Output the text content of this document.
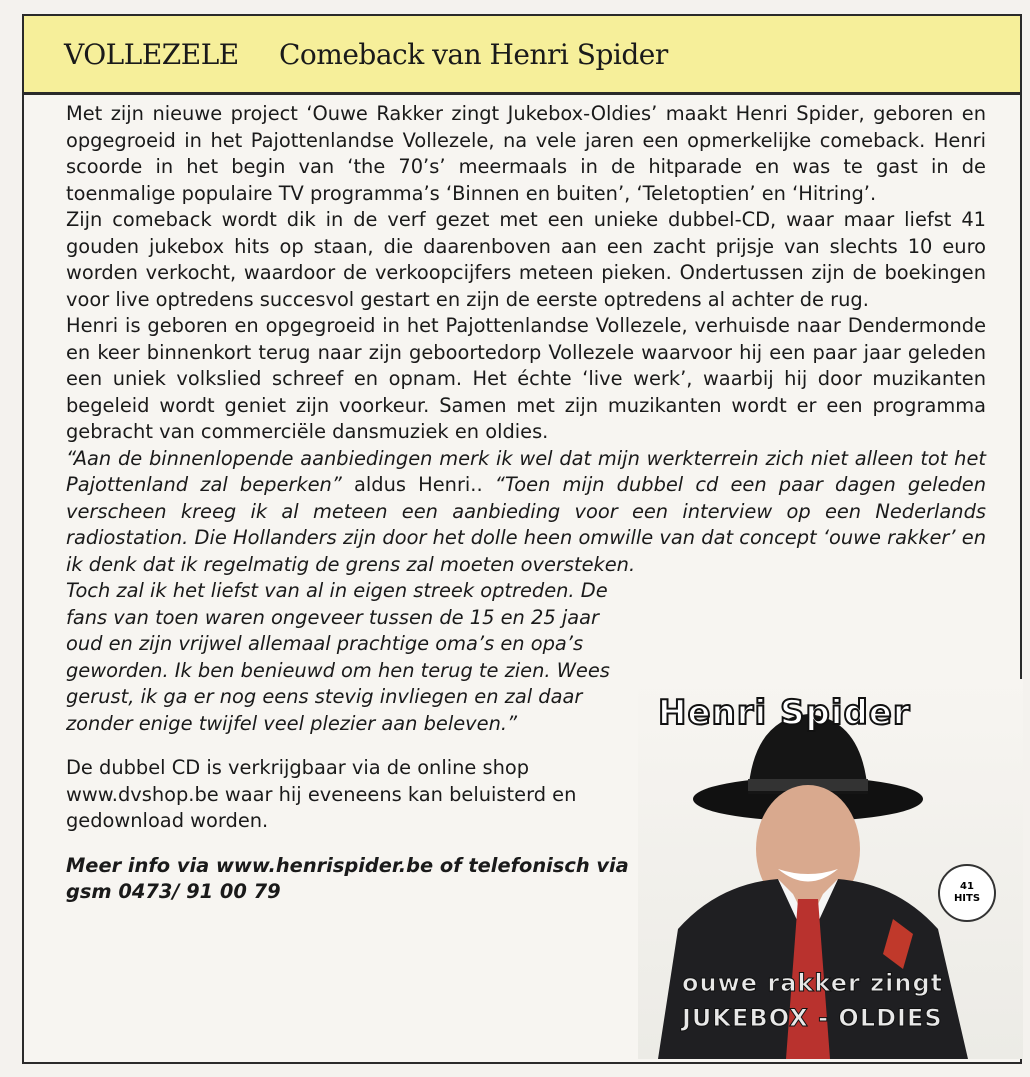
VOLLEZELE Comeback van Henri Spider

Met zijn nieuwe project ‘Ouwe Rakker zingt Jukebox-Oldies’ maakt Henri Spider, geboren en opgegroeid in het Pajottenlandse Vollezele, na vele jaren een opmerkelijke comeback. Henri scoorde in het begin van ‘the 70’s’ meermaals in de hitparade en was te gast in de toenmalige populaire TV programma’s ‘Binnen en buiten’, ‘Teletoptien’ en ‘Hitring’.

Zijn comeback wordt dik in de verf gezet met een unieke dubbel-CD, waar maar liefst 41 gouden jukebox hits op staan, die daarenboven aan een zacht prijsje van slechts 10 euro worden verkocht, waardoor de verkoopcijfers meteen pieken. Ondertussen zijn de boekingen voor live optredens succesvol gestart en zijn de eerste optredens al achter de rug.

Henri is geboren en opgegroeid in het Pajottenlandse Vollezele, verhuisde naar Dendermonde en keer binnenkort terug naar zijn geboortedorp Vollezele waarvoor hij een paar jaar geleden een uniek volkslied schreef en opnam. Het échte ‘live werk’, waarbij hij door muzikanten begeleid wordt geniet zijn voorkeur. Samen met zijn muzikanten wordt er een programma gebracht van commerciële dansmuziek en oldies.

“Aan de binnenlopende aanbiedingen merk ik wel dat mijn werkterrein zich niet alleen tot het Pajottenland zal beperken” aldus Henri.. “Toen mijn dubbel cd een paar dagen geleden verscheen kreeg ik al meteen een aanbieding voor een interview op een Nederlands radiostation. Die Hollanders zijn door het dolle heen omwille van dat concept ‘ouwe rakker’ en ik denk dat ik regelmatig de grens zal moeten oversteken.

Toch zal ik het liefst van al in eigen streek optreden. De fans van toen waren ongeveer tussen de 15 en 25 jaar oud en zijn vrijwel allemaal prachtige oma’s en opa’s geworden. Ik ben benieuwd om hen terug te zien. Wees gerust, ik ga er nog eens stevig invliegen en zal daar zonder enige twijfel veel plezier aan beleven.”

De dubbel CD is verkrijgbaar via de online shop www.dvshop.be waar hij eveneens kan beluisterd en gedownload worden.

Meer info via www.henrispider.be of telefonisch via gsm 0473/ 91 00 79

Henri Spider
41
HITS
ouwe rakker zingt
JUKEBOX - OLDIES
